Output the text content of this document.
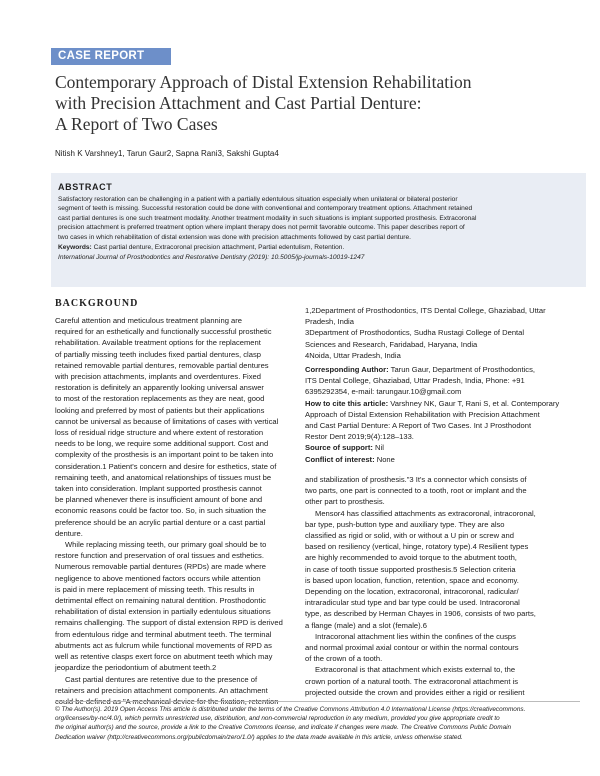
CASE REPORT
Contemporary Approach of Distal Extension Rehabilitation
with Precision Attachment and Cast Partial Denture:
A Report of Two Cases
Nitish K Varshney1, Tarun Gaur2, Sapna Rani3, Sakshi Gupta4
ABSTRACT
Satisfactory restoration can be challenging in a patient with a partially edentulous situation especially when unilateral or bilateral posterior
segment of teeth is missing. Successful restoration could be done with conventional and contemporary treatment options. Attachment retained
cast partial dentures is one such treatment modality. Another treatment modality in such situations is implant supported prosthesis. Extracoronal
precision attachment is preferred treatment option where implant therapy does not permit favorable outcome. This paper describes report of
two cases in which rehabilitation of distal extension was done with precision attachments followed by cast partial denture.
Keywords: Cast partial denture, Extracoronal precision attachment, Partial edentulism, Retention.
International Journal of Prosthodontics and Restorative Dentistry (2019): 10.5005/jp-journals-10019-1247
BACKGROUND
Careful attention and meticulous treatment planning are
required for an esthetically and functionally successful prosthetic
rehabilitation. Available treatment options for the replacement
of partially missing teeth includes fixed partial dentures, clasp
retained removable partial dentures, removable partial dentures
with precision attachments, implants and overdentures. Fixed
restoration is definitely an apparently looking universal answer
to most of the restoration replacements as they are neat, good
looking and preferred by most of patients but their applications
cannot be universal as because of limitations of cases with vertical
loss of residual ridge structure and where extent of restoration
needs to be long, we require some additional support. Cost and
complexity of the prosthesis is an important point to be taken into
consideration.1 Patient's concern and desire for esthetics, state of
remaining teeth, and anatomical relationships of tissues must be
taken into consideration. Implant supported prosthesis cannot
be planned whenever there is insufficient amount of bone and
economic reasons could be factor too. So, in such situation the
preference should be an acrylic partial denture or a cast partial
denture.
While replacing missing teeth, our primary goal should be to
restore function and preservation of oral tissues and esthetics.
Numerous removable partial dentures (RPDs) are made where
negligence to above mentioned factors occurs while attention
is paid in mere replacement of missing teeth. This results in
detrimental effect on remaining natural dentition. Prosthodontic
rehabilitation of distal extension in partially edentulous situations
remains challenging. The support of distal extension RPD is derived
from edentulous ridge and terminal abutment teeth. The terminal
abutments act as fulcrum while functional movements of RPD as
well as retentive clasps exert force on abutment teeth which may
jeopardize the periodontium of abutment teeth.2
Cast partial dentures are retentive due to the presence of
retainers and precision attachment components. An attachment
1,2Department of Prosthodontics, ITS Dental College, Ghaziabad, Uttar
Pradesh, India
3Department of Prosthodontics, Sudha Rustagi College of Dental
Sciences and Research, Faridabad, Haryana, India
4Noida, Uttar Pradesh, India
Corresponding Author: Tarun Gaur, Department of Prosthodontics,
ITS Dental College, Ghaziabad, Uttar Pradesh, India, Phone: +91
6395292354, e-mail: tarungaur.10@gmail.com
How to cite this article: Varshney NK, Gaur T, Rani S, et al. Contemporary
Approach of Distal Extension Rehabilitation with Precision Attachment
and Cast Partial Denture: A Report of Two Cases. Int J Prosthodont
Restor Dent 2019;9(4):128–133.
Source of support: Nil
Conflict of interest: None
and stabilization of prosthesis."3 It's a connector which consists of
two parts, one part is connected to a tooth, root or implant and the
other part to prosthesis.
Mensor4 has classified attachments as extracoronal, intracoronal,
bar type, push-button type and auxiliary type. They are also
classified as rigid or solid, with or without a U pin or screw and
based on resiliency (vertical, hinge, rotatory type).4 Resilient types
are highly recommended to avoid torque to the abutment tooth,
in case of tooth tissue supported prosthesis.5 Selection criteria
is based upon location, function, retention, space and economy.
Depending on the location, extracoronal, intracoronal, radicular/
intraradicular stud type and bar type could be used. Intracoronal
type, as described by Herman Chayes in 1906, consists of two parts,
a flange (male) and a slot (female).6
Intracoronal attachment lies within the confines of the cusps
and normal proximal axial contour or within the normal contours
of the crown of a tooth.
Extracoronal is that attachment which exists external to, the
crown portion of a natural tooth. The extracoronal attachment is
projected outside the crown and provides either a rigid or resilient
© The Author(s). 2019 Open Access This article is distributed under the terms of the Creative Commons Attribution 4.0 International License (https://creativecommons.
org/licenses/by-nc/4.0/), which permits unrestricted use, distribution, and non-commercial reproduction in any medium, provided you give appropriate credit to
the original author(s) and the source, provide a link to the Creative Commons license, and indicate if changes were made. The Creative Commons Public Domain
Dedication waiver (http://creativecommons.org/publicdomain/zero/1.0/) applies to the data made available in this article, unless otherwise stated.
